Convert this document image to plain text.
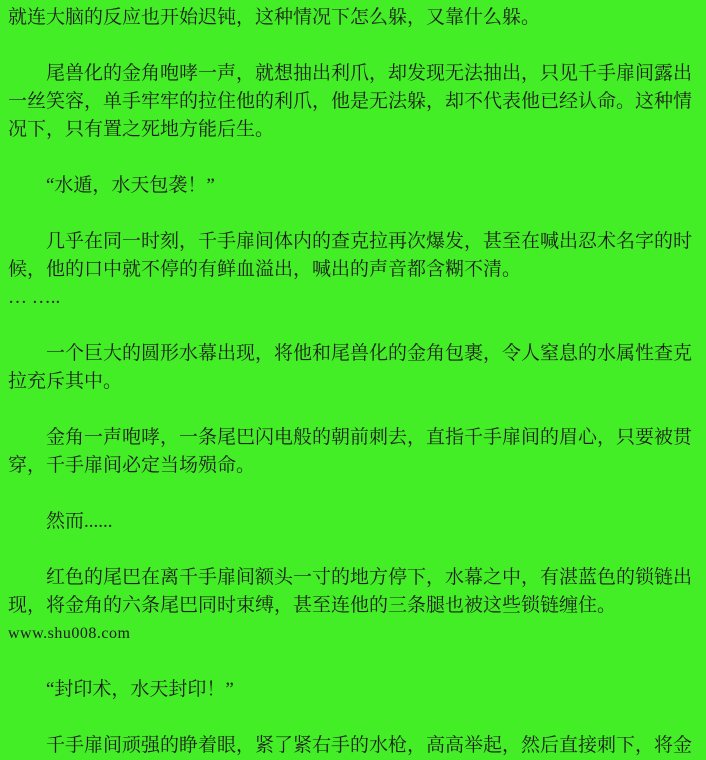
就连大脑的反应也开始迟钝，这种情况下怎么躲，又靠什么躲。

尾兽化的金角咆哮一声，就想抽出利爪，却发现无法抽出，只见千手扉间露出一丝笑容，单手牢牢的拉住他的利爪，他是无法躲，却不代表他已经认命。这种情况下，只有置之死地方能后生。

“水遁，水天包袭！”

几乎在同一时刻，千手扉间体内的查克拉再次爆发，甚至在喊出忍术名字的时候，他的口中就不停的有鲜血溢出，喊出的声音都含糊不清。

… …..

一个巨大的圆形水幕出现，将他和尾兽化的金角包裹，令人窒息的水属性查克拉充斥其中。

金角一声咆哮，一条尾巴闪电般的朝前刺去，直指千手扉间的眉心，只要被贯穿，千手扉间必定当场殒命。

然而......

红色的尾巴在离千手扉间额头一寸的地方停下，水幕之中，有湛蓝色的锁链出现，将金角的六条尾巴同时束缚，甚至连他的三条腿也被这些锁链缠住。

www.shu008.com

“封印术，水天封印！”

千手扉间顽强的睁着眼，紧了紧右手的水枪，高高举起，然后直接刺下，将金
